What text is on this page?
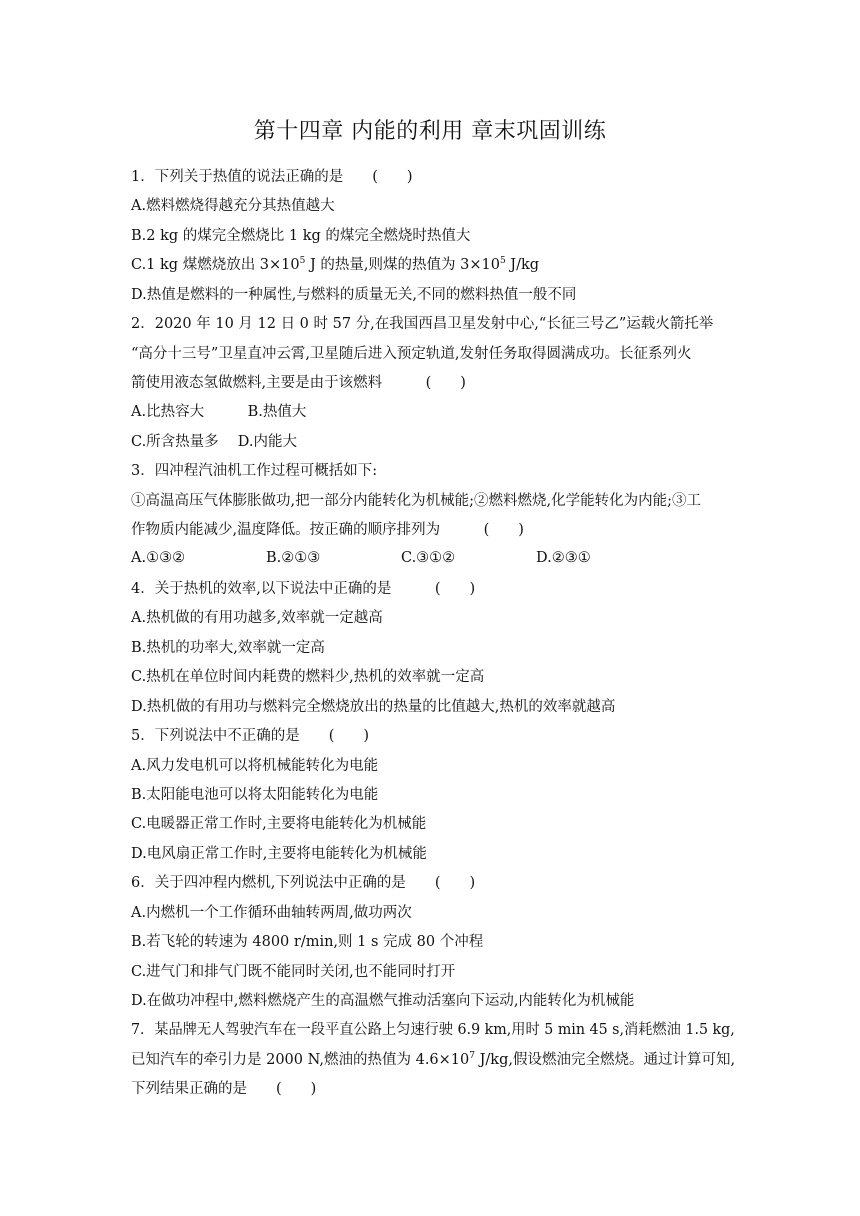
第十四章 内能的利用 章末巩固训练
1．下列关于热值的说法正确的是　　(　　)
A.燃料燃烧得越充分其热值越大
B.2 kg 的煤完全燃烧比 1 kg 的煤完全燃烧时热值大
C.1 kg 煤燃烧放出 $3\times 10^5$ J 的热量,则煤的热值为 $3\times 10^5$ J/kg
D.热值是燃料的一种属性,与燃料的质量无关,不同的燃料热值一般不同
2．2020 年 10 月 12 日 0 时 57 分,在我国西昌卫星发射中心,“长征三号乙”运载火箭托举
“高分十三号”卫星直冲云霄,卫星随后进入预定轨道,发射任务取得圆满成功。长征系列火
箭使用液态氢做燃料,主要是由于该燃料　　　(　　)
A.比热容大　　　B.热值大
C.所含热量多　 D.内能大
3．四冲程汽油机工作过程可概括如下:
①高温高压气体膨胀做功,把一部分内能转化为机械能;②燃料燃烧,化学能转化为内能;③工
作物质内能减少,温度降低。按正确的顺序排列为　　　(　　)
A.①③②	B.②①③	C.③①②	D.②③①
4．关于热机的效率,以下说法中正确的是　　　(　　)
A.热机做的有用功越多,效率就一定越高
B.热机的功率大,效率就一定高
C.热机在单位时间内耗费的燃料少,热机的效率就一定高
D.热机做的有用功与燃料完全燃烧放出的热量的比值越大,热机的效率就越高
5．下列说法中不正确的是　　(　　)
A.风力发电机可以将机械能转化为电能
B.太阳能电池可以将太阳能转化为电能
C.电暖器正常工作时,主要将电能转化为机械能
D.电风扇正常工作时,主要将电能转化为机械能
6．关于四冲程内燃机,下列说法中正确的是　　(　　)
A.内燃机一个工作循环曲轴转两周,做功两次
B.若飞轮的转速为 4800 r/min,则 1 s 完成 80 个冲程
C.进气门和排气门既不能同时关闭,也不能同时打开
D.在做功冲程中,燃料燃烧产生的高温燃气推动活塞向下运动,内能转化为机械能
7．某品牌无人驾驶汽车在一段平直公路上匀速行驶 6.9 km,用时 5 min 45 s,消耗燃油 1.5 kg,
已知汽车的牵引力是 2000 N,燃油的热值为 $4.6\times 10^7$ J/kg,假设燃油完全燃烧。通过计算可知,
下列结果正确的是　　(　　)
